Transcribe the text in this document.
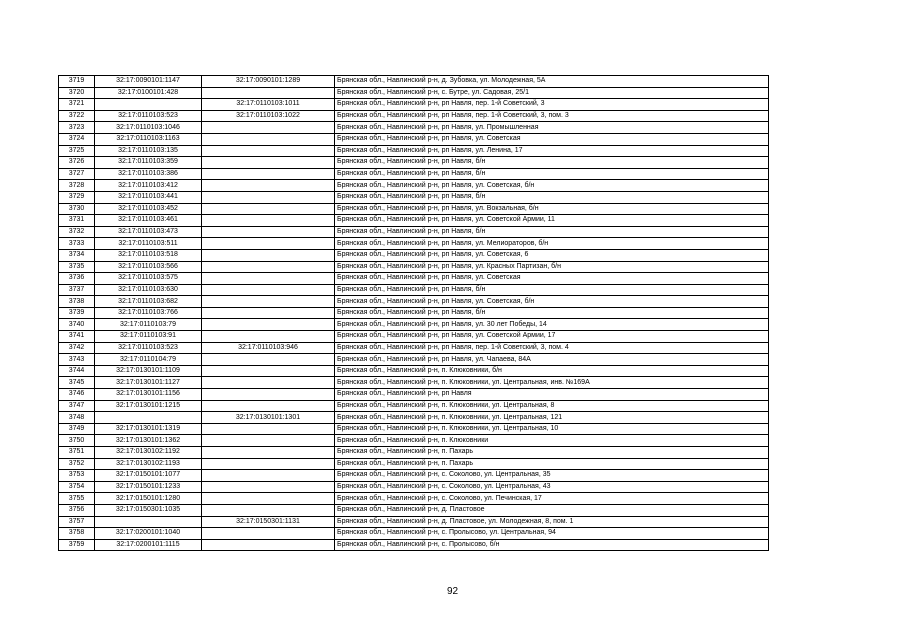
3719	32:17:0090101:1147	32:17:0090101:1289	Брянская обл., Навлинский р-н, д. Зубовка, ул. Молодежная, 5А
3720	32:17:0100101:428		Брянская обл., Навлинский р-н, с. Бутре, ул. Садовая, 25/1
3721		32:17:0110103:1011	Брянская обл., Навлинский р-н, рп Навля, пер. 1-й Советский, 3
3722	32:17:0110103:523	32:17:0110103:1022	Брянская обл., Навлинский р-н, рп Навля, пер. 1-й Советский, 3, пом. 3
3723	32:17:0110103:1046		Брянская обл., Навлинский р-н, рп Навля, ул. Промышленная
3724	32:17:0110103:1163		Брянская обл., Навлинский р-н, рп Навля, ул. Советская
3725	32:17:0110103:135		Брянская обл., Навлинский р-н, рп Навля, ул. Ленина, 17
3726	32:17:0110103:359		Брянская обл., Навлинский р-н, рп Навля, б/н
3727	32:17:0110103:386		Брянская обл., Навлинский р-н, рп Навля, б/н
3728	32:17:0110103:412		Брянская обл., Навлинский р-н, рп Навля, ул. Советская, б/н
3729	32:17:0110103:441		Брянская обл., Навлинский р-н, рп Навля, б/н
3730	32:17:0110103:452		Брянская обл., Навлинский р-н, рп Навля, ул. Вокзальная, б/н
3731	32:17:0110103:461		Брянская обл., Навлинский р-н, рп Навля, ул. Советской Армии, 11
3732	32:17:0110103:473		Брянская обл., Навлинский р-н, рп Навля, б/н
3733	32:17:0110103:511		Брянская обл., Навлинский р-н, рп Навля, ул. Мелиораторов, б/н
3734	32:17:0110103:518		Брянская обл., Навлинский р-н, рп Навля, ул. Советская, 6
3735	32:17:0110103:566		Брянская обл., Навлинский р-н, рп Навля, ул. Красных Партизан, б/н
3736	32:17:0110103:575		Брянская обл., Навлинский р-н, рп Навля, ул. Советская
3737	32:17:0110103:630		Брянская обл., Навлинский р-н, рп Навля, б/н
3738	32:17:0110103:682		Брянская обл., Навлинский р-н, рп Навля, ул. Советская, б/н
3739	32:17:0110103:766		Брянская обл., Навлинский р-н, рп Навля, б/н
3740	32:17:0110103:79		Брянская обл., Навлинский р-н, рп Навля, ул. 30 лет Победы, 14
3741	32:17:0110103:91		Брянская обл., Навлинский р-н, рп Навля, ул. Советской Армии, 17
3742	32:17:0110103:523	32:17:0110103:946	Брянская обл., Навлинский р-н, рп Навля, пер. 1-й Советский, 3, пом. 4
3743	32:17:0110104:79		Брянская обл., Навлинский р-н, рп Навля, ул. Чапаева, 84А
3744	32:17:0130101:1109		Брянская обл., Навлинский р-н, п. Клюковники, б/н
3745	32:17:0130101:1127		Брянская обл., Навлинский р-н, п. Клюковники, ул. Центральная, инв. №169А
3746	32:17:0130101:1156		Брянская обл., Навлинский р-н, рп Навля
3747	32:17:0130101:1215		Брянская обл., Навлинский р-н, п. Клюковники, ул. Центральная, 8
3748		32:17:0130101:1301	Брянская обл., Навлинский р-н, п. Клюковники, ул. Центральная, 121
3749	32:17:0130101:1319		Брянская обл., Навлинский р-н, п. Клюковники, ул. Центральная, 10
3750	32:17:0130101:1362		Брянская обл., Навлинский р-н, п. Клюковники
3751	32:17:0130102:1192		Брянская обл., Навлинский р-н, п. Пахарь
3752	32:17:0130102:1193		Брянская обл., Навлинский р-н, п. Пахарь
3753	32:17:0150101:1077		Брянская обл., Навлинский р-н, с. Соколово, ул. Центральная, 35
3754	32:17:0150101:1233		Брянская обл., Навлинский р-н, с. Соколово, ул. Центральная, 43
3755	32:17:0150101:1280		Брянская обл., Навлинский р-н, с. Соколово, ул. Печинская, 17
3756	32:17:0150301:1035		Брянская обл., Навлинский р-н, д. Пластовое
3757		32:17:0150301:1131	Брянская обл., Навлинский р-н, д. Пластовое, ул. Молодежная, 8, пом. 1
3758	32:17:0200101:1040		Брянская обл., Навлинский р-н, с. Пролысово, ул. Центральная, 94
3759	32:17:0200101:1115		Брянская обл., Навлинский р-н, с. Пролысово, б/н
92
